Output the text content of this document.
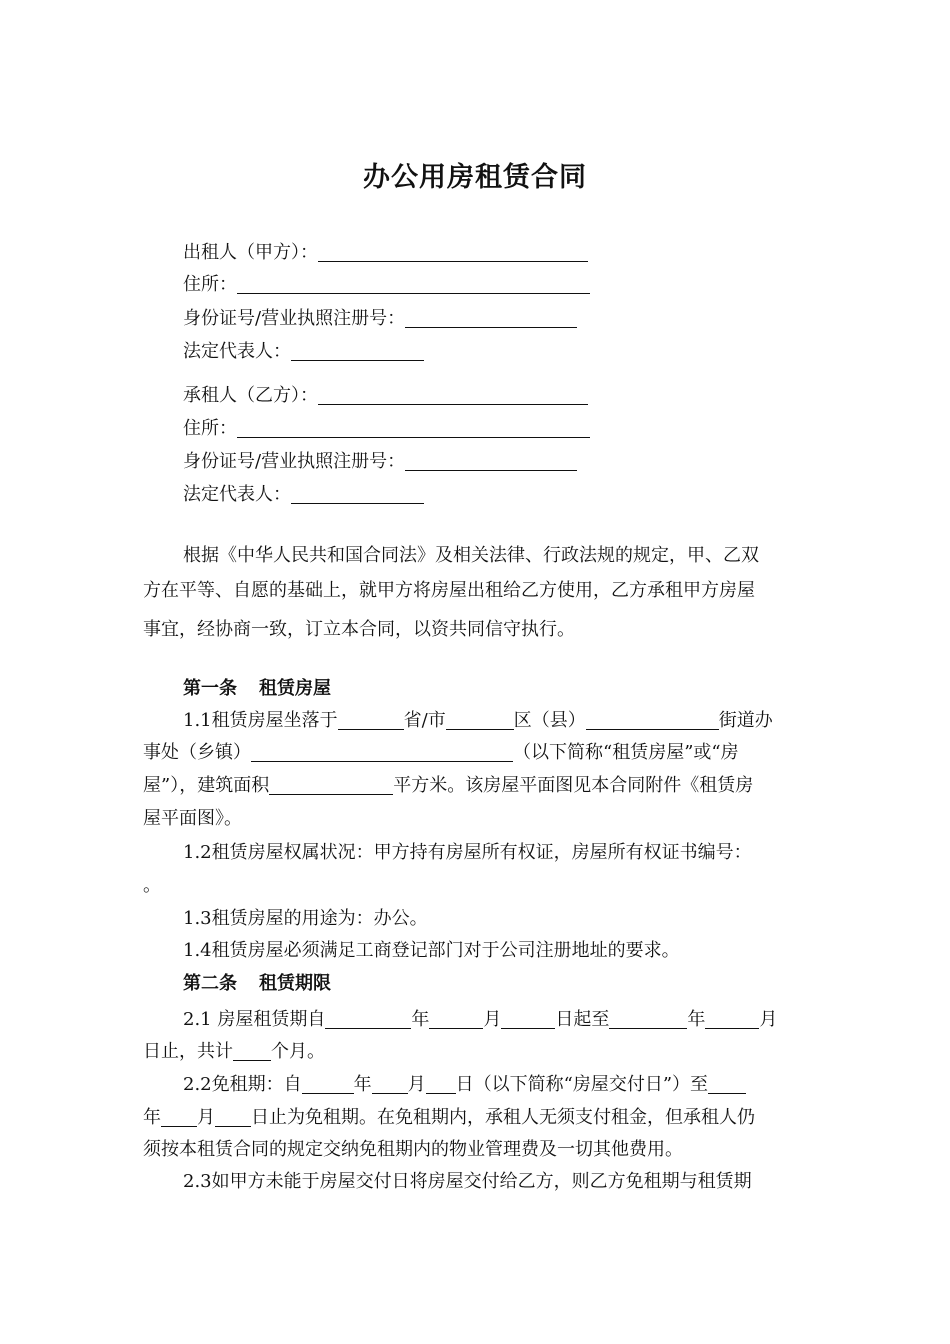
办公用房租赁合同
出租人（甲方）：
住所：
身份证号/营业执照注册号：
法定代表人：
承租人（乙方）：
住所：
身份证号/营业执照注册号：
法定代表人：
根据《中华人民共和国合同法》及相关法律、行政法规的规定，甲、乙双
方在平等、自愿的基础上，就甲方将房屋出租给乙方使用，乙方承租甲方房屋
事宜，经协商一致，订立本合同，以资共同信守执行。
第一条 租赁房屋
1.1租赁房屋坐落于	省/市	区（县）	街道办
事处（乡镇）	（以下简称“租赁房屋”或“房
屋”），建筑面积	平方米。该房屋平面图见本合同附件《租赁房
屋平面图》。
1.2租赁房屋权属状况：甲方持有房屋所有权证，房屋所有权证书编号：
。
1.3租赁房屋的用途为：办公。
1.4租赁房屋必须满足工商登记部门对于公司注册地址的要求。
第二条 租赁期限
2.1 房屋租赁期自	年	月	日起至	年	月
日止，共计 个月。
2.2免租期：自	年 月 日（以下简称“房屋交付日”）至
年 月 日止为免租期。在免租期内，承租人无须支付租金，但承租人仍
须按本租赁合同的规定交纳免租期内的物业管理费及一切其他费用。
2.3如甲方未能于房屋交付日将房屋交付给乙方，则乙方免租期与租赁期
